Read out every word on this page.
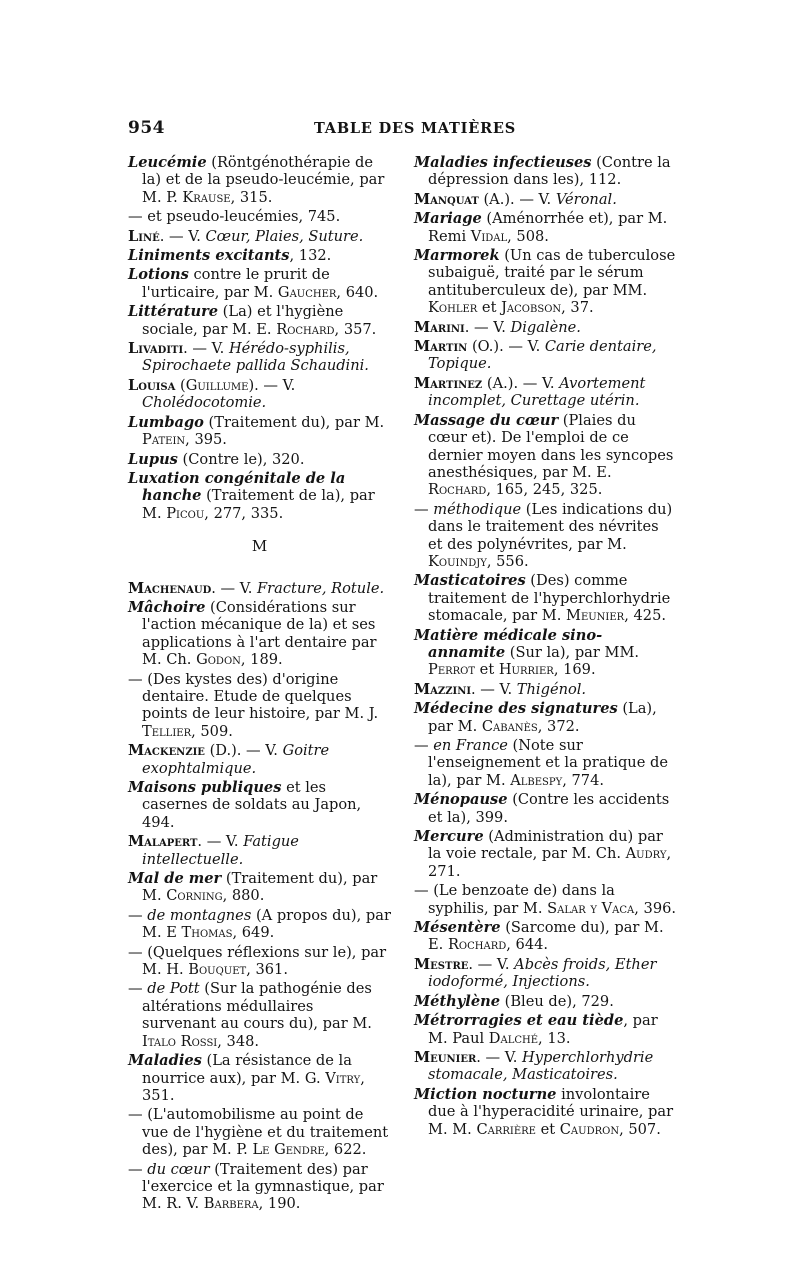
954	TABLE DES MATIÈRES

Leucémie (Röntgénothérapie de la) et de la pseudo-leucémie, par M. P. Krause, 315.

— et pseudo-leucémies, 745.

Liné. — V. Cœur, Plaies, Suture.

Liniments excitants, 132.

Lotions contre le prurit de l'urticaire, par M. Gaucher, 640.

Littérature (La) et l'hygiène sociale, par M. E. Rochard, 357.

Livaditi. — V. Hérédo-syphilis, Spirochaete pallida Schaudini.

Louisa (Guillume). — V. Cholédocotomie.

Lumbago (Traitement du), par M. Patein, 395.

Lupus (Contre le), 320.

Luxation congénitale de la hanche (Traitement de la), par M. Picou, 277, 335.

M

Machenaud. — V. Fracture, Rotule.

Mâchoire (Considérations sur l'action mécanique de la) et ses applications à l'art dentaire par M. Ch. Godon, 189.

— (Des kystes des) d'origine dentaire. Etude de quelques points de leur histoire, par M. J. Tellier, 509.

Mackenzie (D.). — V. Goitre exophtalmique.

Maisons publiques et les casernes de soldats au Japon, 494.

Malapert. — V. Fatigue intellectuelle.

Mal de mer (Traitement du), par M. Corning, 880.

— de montagnes (A propos du), par M. E Thomas, 649.

— (Quelques réflexions sur le), par M. H. Bouquet, 361.

— de Pott (Sur la pathogénie des altérations médullaires survenant au cours du), par M. Italo Rossi, 348.

Maladies (La résistance de la nourrice aux), par M. G. Vitry, 351.

— (L'automobilisme au point de vue de l'hygiène et du traitement des), par M. P. Le Gendre, 622.

— du cœur (Traitement des) par l'exercice et la gymnastique, par M. R. V. Barbera, 190.

Maladies infectieuses (Contre la dépression dans les), 112.

Manquat (A.). — V. Véronal.

Mariage (Aménorrhée et), par M. Remi Vidal, 508.

Marmorek (Un cas de tuberculose subaiguë, traité par le sérum antituberculeux de), par MM. Kohler et Jacobson, 37.

Marini. — V. Digalène.

Martin (O.). — V. Carie dentaire, Topique.

Martinez (A.). — V. Avortement incomplet, Curettage utérin.

Massage du cœur (Plaies du cœur et). De l'emploi de ce dernier moyen dans les syncopes anesthésiques, par M. E. Rochard, 165, 245, 325.

— méthodique (Les indications du) dans le traitement des névrites et des polynévrites, par M. Kouindjy, 556.

Masticatoires (Des) comme traitement de l'hyperchlorhydrie stomacale, par M. Meunier, 425.

Matière médicale sino-annamite (Sur la), par MM. Perrot et Hurrier, 169.

Mazzini. — V. Thigénol.

Médecine des signatures (La), par M. Cabanès, 372.

— en France (Note sur l'enseignement et la pratique de la), par M. Albespy, 774.

Ménopause (Contre les accidents et la), 399.

Mercure (Administration du) par la voie rectale, par M. Ch. Audry, 271.

— (Le benzoate de) dans la syphilis, par M. Salar y Vaca, 396.

Mésentère (Sarcome du), par M. E. Rochard, 644.

Mestre. — V. Abcès froids, Ether iodoformé, Injections.

Méthylène (Bleu de), 729.

Métrorragies et eau tiède, par M. Paul Dalché, 13.

Meunier. — V. Hyperchlorhydrie stomacale, Masticatoires.

Miction nocturne involontaire due à l'hyperacidité urinaire, par M. M. Carrière et Caudron, 507.
